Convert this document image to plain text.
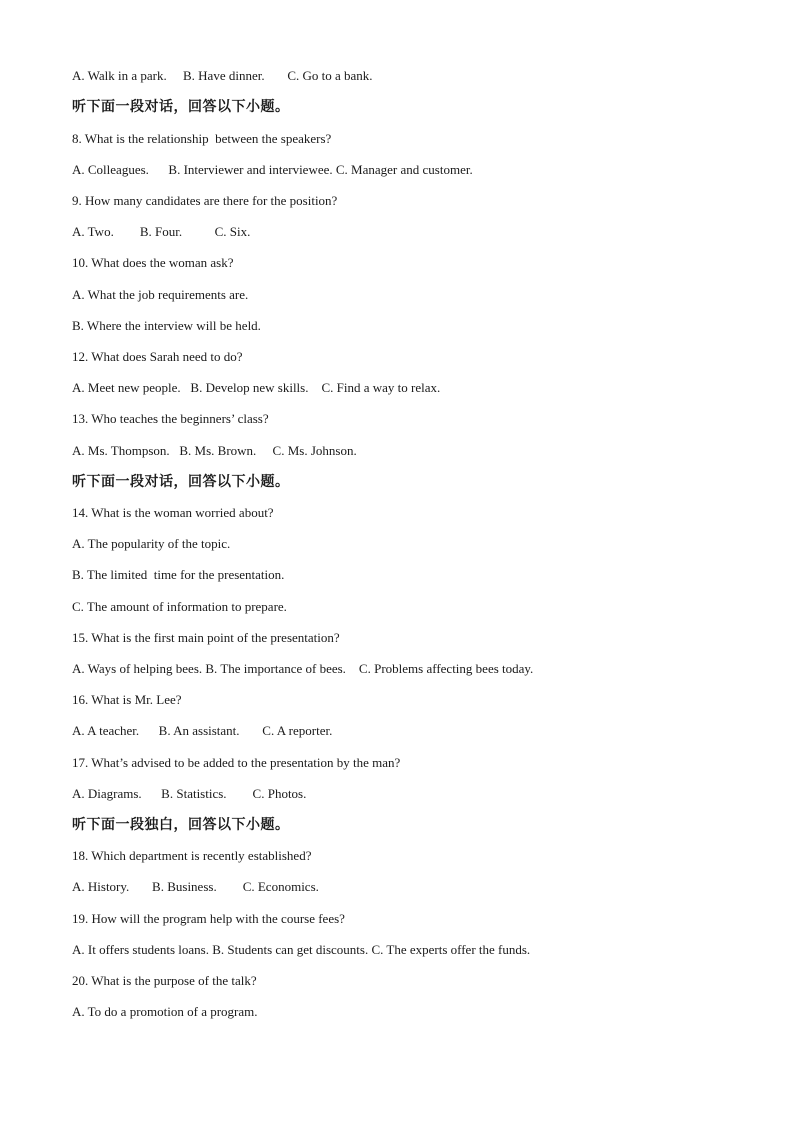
A. Walk in a park.     B. Have dinner.       C. Go to a bank.
听下面一段对话，回答以下小题。
8. What is the relationship  between the speakers?
A. Colleagues.      B. Interviewer and interviewee. C. Manager and customer.
9. How many candidates are there for the position?
A. Two.        B. Four.          C. Six.
10. What does the woman ask?
A. What the job requirements are.
B. Where the interview will be held.
12. What does Sarah need to do?
A. Meet new people.   B. Develop new skills.    C. Find a way to relax.
13. Who teaches the beginners’ class?
A. Ms. Thompson.   B. Ms. Brown.     C. Ms. Johnson.
听下面一段对话，回答以下小题。
14. What is the woman worried about?
A. The popularity of the topic.
B. The limited  time for the presentation.
C. The amount of information to prepare.
15. What is the first main point of the presentation?
A. Ways of helping bees. B. The importance of bees.    C. Problems affecting bees today.
16. What is Mr. Lee?
A. A teacher.      B. An assistant.       C. A reporter.
17. What’s advised to be added to the presentation by the man?
A. Diagrams.      B. Statistics.        C. Photos.
听下面一段独白，回答以下小题。
18. Which department is recently established?
A. History.       B. Business.        C. Economics.
19. How will the program help with the course fees?
A. It offers students loans. B. Students can get discounts. C. The experts offer the funds.
20. What is the purpose of the talk?
A. To do a promotion of a program.
